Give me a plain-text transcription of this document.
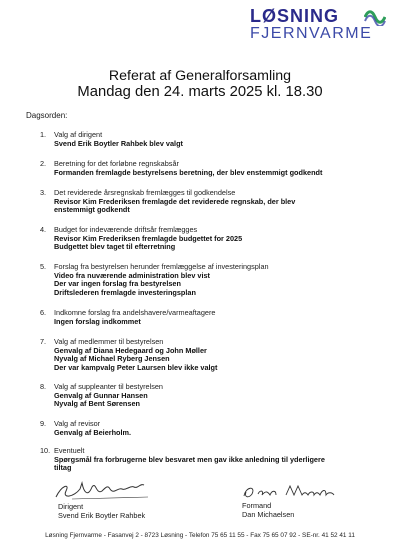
LØSNING
FJERNVARME
Referat af Generalforsamling
Mandag den 24. marts 2025 kl. 18.30
Dagsorden:
1.	Valg af dirigent
Svend Erik Boytler Rahbek blev valgt
2.	Beretning for det forløbne regnskabsår
Formanden fremlagde bestyrelsens beretning, der blev enstemmigt godkendt
3.	Det reviderede årsregnskab fremlægges til godkendelse
Revisor Kim Frederiksen fremlagde det reviderede regnskab, der blev
enstemmigt godkendt
4.	Budget for indeværende driftsår fremlægges
Revisor Kim Frederiksen fremlagde budgettet for 2025
Budgettet blev taget til efterretning
5.	Forslag fra bestyrelsen herunder fremlæggelse af investeringsplan
Video fra nuværende administration blev vist
Der var ingen forslag fra bestyrelsen
Driftslederen fremlagde investeringsplan
6.	Indkomne forslag fra andelshavere/varmeaftagere
Ingen forslag indkommet
7.	Valg af medlemmer til bestyrelsen
Genvalg af Diana Hedegaard og John Møller
Nyvalg af Michael Ryberg Jensen
Der var kampvalg Peter Laursen blev ikke valgt
8.	Valg af suppleanter til bestyrelsen
Genvalg af Gunnar Hansen
Nyvalg af Bent Sørensen
9.	Valg af revisor
Genvalg af Beierholm.
10. Eventuelt
Spørgsmål fra forbrugerne blev besvaret men gav ikke anledning til yderligere
tiltag
Dirigent
Svend Erik Boytler Rahbek
Formand
Dan Michaelsen
Løsning Fjernvarme - Fasanvej 2 - 8723 Løsning - Telefon 75 65 11 55 - Fax 75 65 07 92 - SE-nr. 41 52 41 11
